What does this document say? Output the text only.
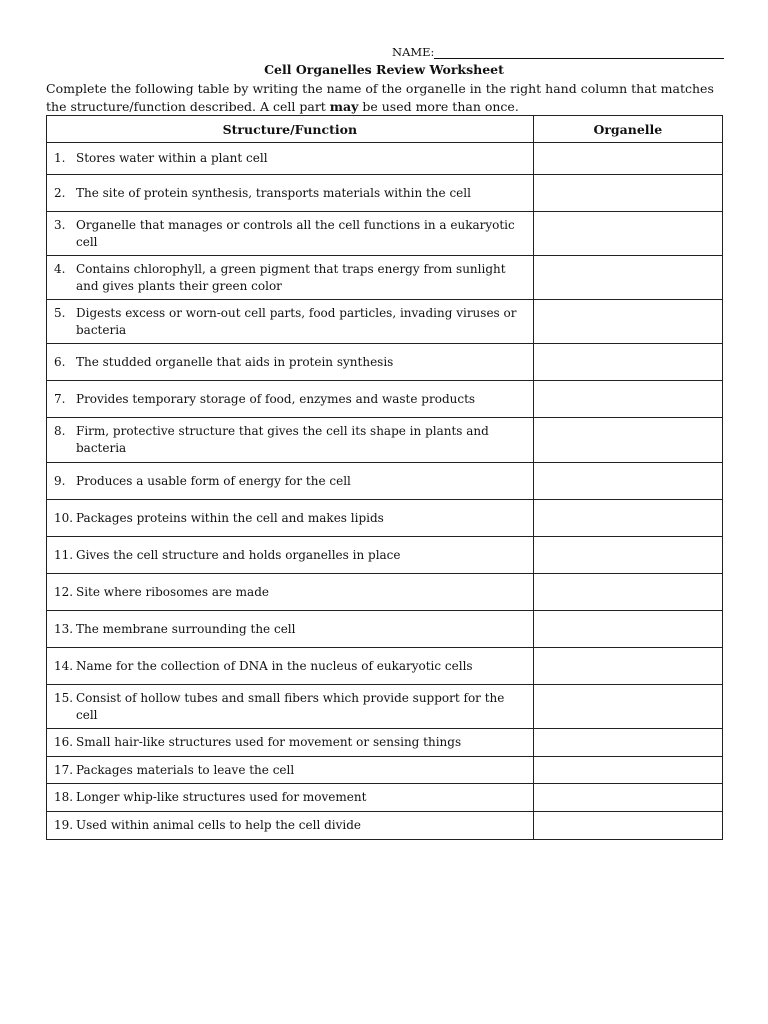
NAME:
Cell Organelles Review Worksheet
Complete the following table by writing the name of the organelle in the right hand column that matches the structure/function described. A cell part may be used more than once.
Structure/Function	Organelle

1. Stores water within a plant cell	

2. The site of protein synthesis, transports materials within the cell	

3. Organelle that manages or controls all the cell functions in a eukaryotic cell	

4. Contains chlorophyll, a green pigment that traps energy from sunlight and gives plants their green color	

5. Digests excess or worn-out cell parts, food particles, invading viruses or bacteria	

6. The studded organelle that aids in protein synthesis	

7. Provides temporary storage of food, enzymes and waste products	

8. Firm, protective structure that gives the cell its shape in plants and bacteria	

9. Produces a usable form of energy for the cell	

10. Packages proteins within the cell and makes lipids	

11. Gives the cell structure and holds organelles in place	

12. Site where ribosomes are made	

13. The membrane surrounding the cell	

14. Name for the collection of DNA in the nucleus of eukaryotic cells	

15. Consist of hollow tubes and small fibers which provide support for the cell	

16. Small hair-like structures used for movement or sensing things	

17. Packages materials to leave the cell	

18. Longer whip-like structures used for movement	

19. Used within animal cells to help the cell divide	
